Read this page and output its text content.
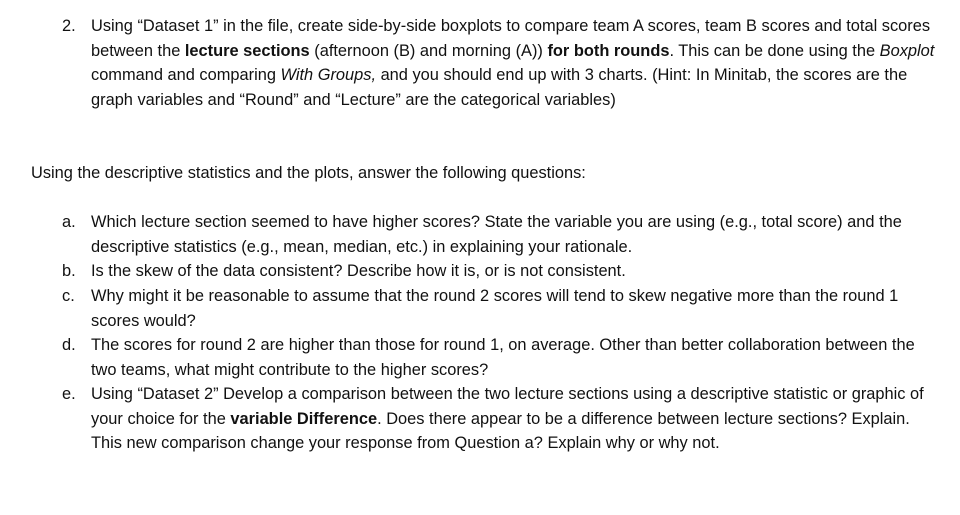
2. Using “Dataset 1” in the file, create side-by-side boxplots to compare team A scores, team B scores and total scores between the lecture sections (afternoon (B) and morning (A)) for both rounds. This can be done using the Boxplot command and comparing With Groups, and you should end up with 3 charts. (Hint: In Minitab, the scores are the graph variables and “Round” and “Lecture” are the categorical variables)
Using the descriptive statistics and the plots, answer the following questions:
a. Which lecture section seemed to have higher scores? State the variable you are using (e.g., total score) and the descriptive statistics (e.g., mean, median, etc.) in explaining your rationale.
b. Is the skew of the data consistent? Describe how it is, or is not consistent.
c. Why might it be reasonable to assume that the round 2 scores will tend to skew negative more than the round 1 scores would?
d. The scores for round 2 are higher than those for round 1, on average. Other than better collaboration between the two teams, what might contribute to the higher scores?
e. Using “Dataset 2” Develop a comparison between the two lecture sections using a descriptive statistic or graphic of your choice for the variable Difference. Does there appear to be a difference between lecture sections? Explain. This new comparison change your response from Question a? Explain why or why not.
